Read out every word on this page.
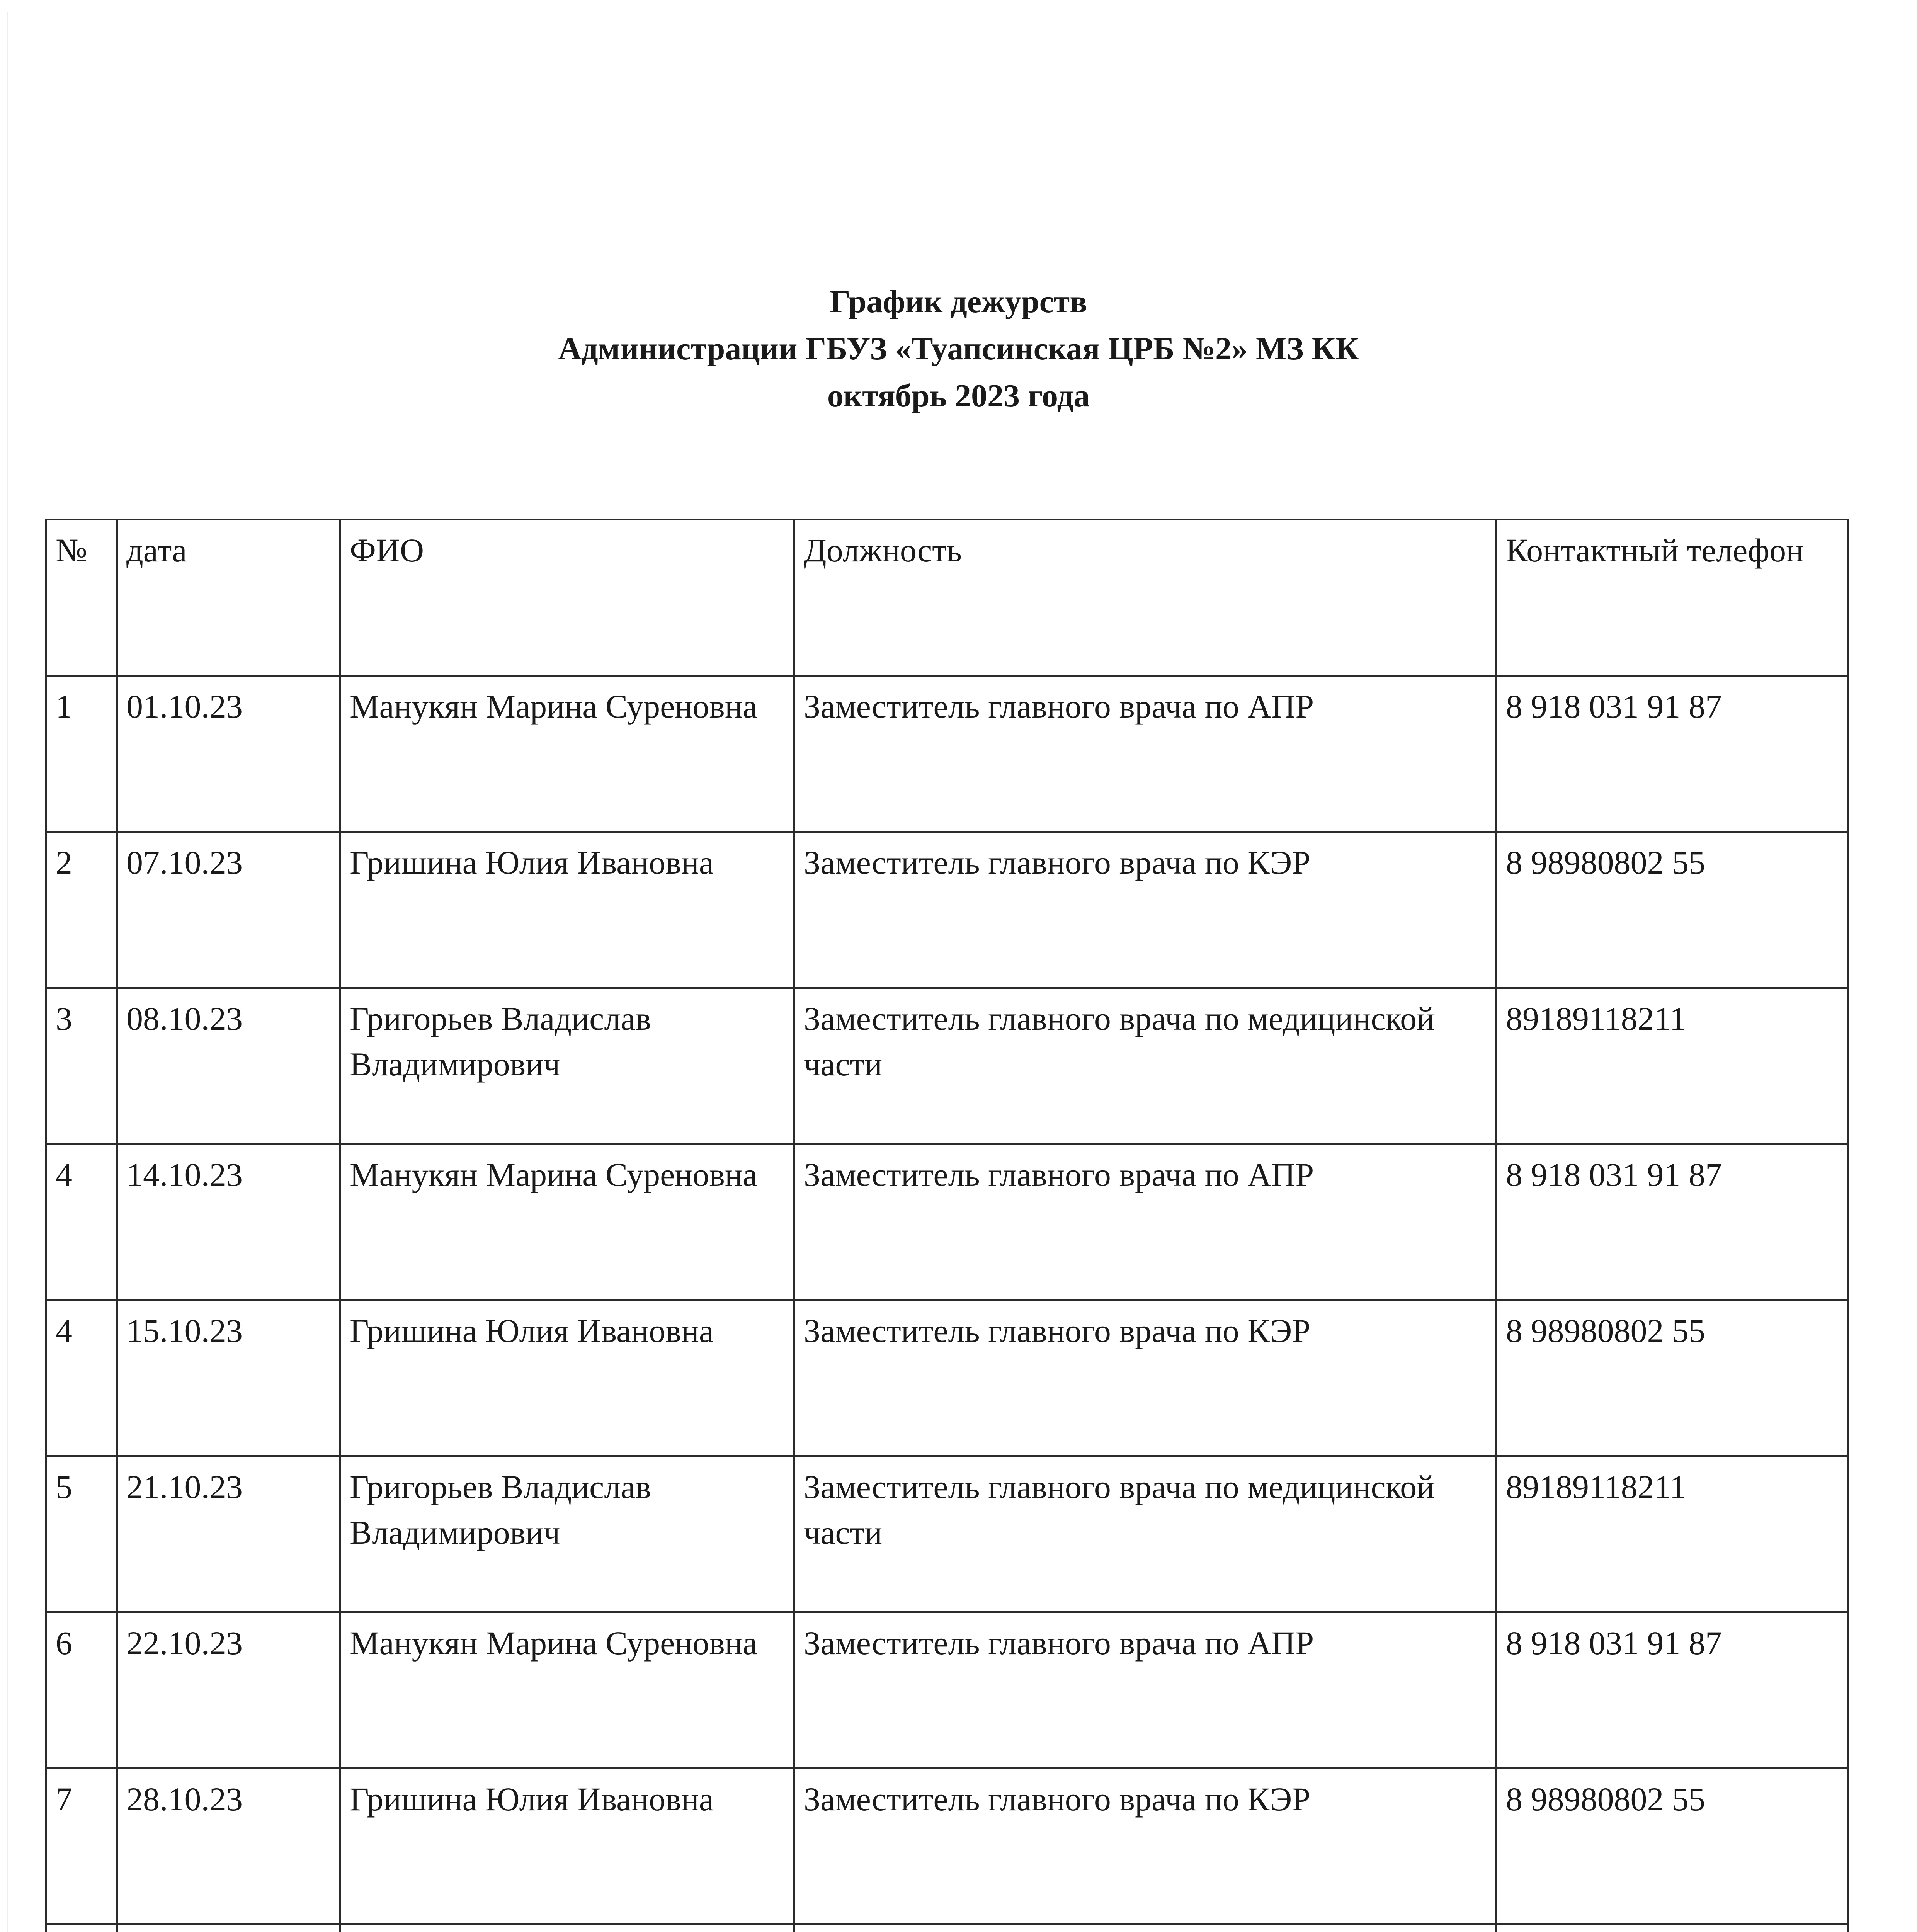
График дежурств
Администрации ГБУЗ «Туапсинская ЦРБ №2» МЗ КК
октябрь 2023 года
№	дата	ФИО	Должность	Контактный телефон
1	01.10.23	Манукян Марина Суреновна	Заместитель главного врача по АПР	8 918 031 91 87
2	07.10.23	Гришина Юлия Ивановна	Заместитель главного врача по КЭР	8 98980802 55
3	08.10.23	Григорьев Владислав Владимирович	Заместитель главного врача по медицинской части	89189118211
4	14.10.23	Манукян Марина Суреновна	Заместитель главного врача по АПР	8 918 031 91 87
4	15.10.23	Гришина Юлия Ивановна	Заместитель главного врача по КЭР	8 98980802 55
5	21.10.23	Григорьев Владислав Владимирович	Заместитель главного врача по медицинской части	89189118211
6	22.10.23	Манукян Марина Суреновна	Заместитель главного врача по АПР	8 918 031 91 87
7	28.10.23	Гришина Юлия Ивановна	Заместитель главного врача по КЭР	8 98980802 55
